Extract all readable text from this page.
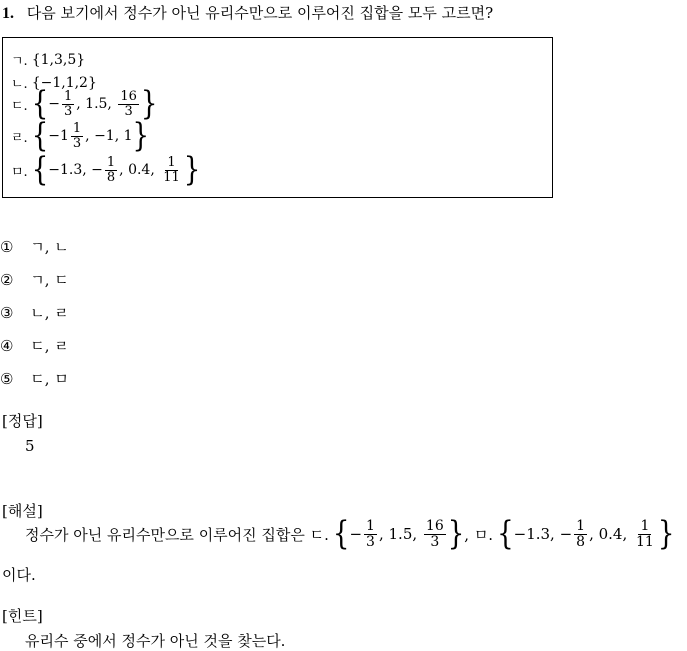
1. 다음 보기에서 정수가 아닌 유리수만으로 이루어진 집합을 모두 고르면?
ㄱ. {1,3,5}
ㄴ. {−1,1,2}
ㄷ. { − $\frac{1}{3}$ , 1.5, $\frac{16}{3}$ }
ㄹ. { $-1 \frac{1}{3}$ , −1, 1 }
ㅁ. { −1.3, − $\frac{1}{8}$ , 0.4, $\frac{1}{11}$ }
① ㄱ, ㄴ
② ㄱ, ㄷ
③ ㄴ, ㄹ
④ ㄷ, ㄹ
⑤ ㄷ, ㅁ
[정답]
5
[해설]
정수가 아닌 유리수만으로 이루어진 집합은 ㄷ. { − $\frac{1}{3}$ , 1.5, $\frac{16}{3}$ } , ㅁ. { −1.3, − $\frac{1}{8}$ , 0.4, $\frac{1}{11}$ }
이다.
[힌트]
유리수 중에서 정수가 아닌 것을 찾는다.
